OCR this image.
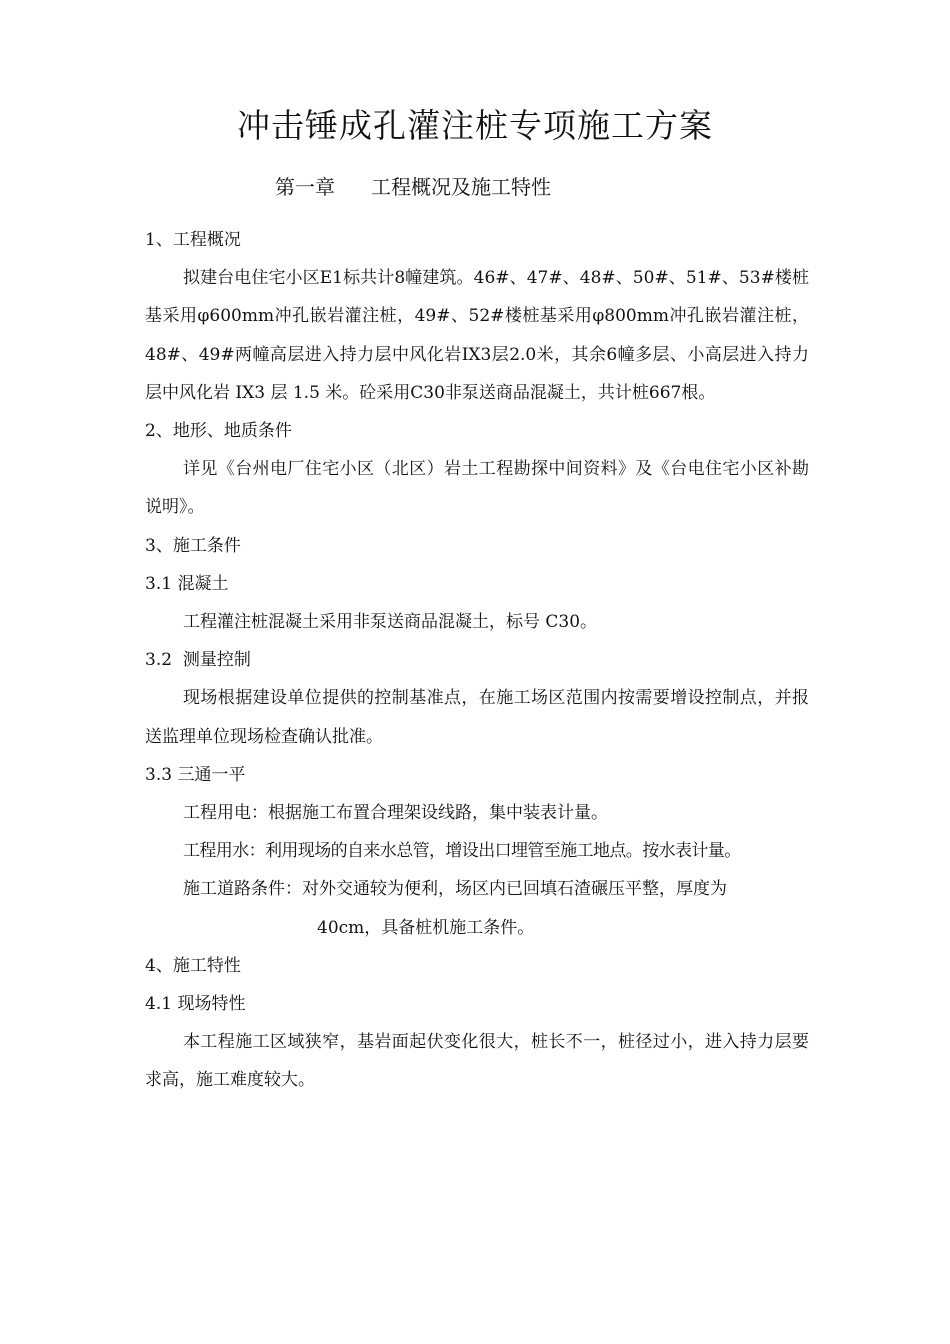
冲击锤成孔灌注桩专项施工方案
第一章 工程概况及施工特性

1、工程概况

拟建台电住宅小区E1标共计8幢建筑。46#、47#、48#、50#、51#、53#楼桩基采用φ600mm冲孔嵌岩灌注桩，49#、52#楼桩基采用φ800mm冲孔嵌岩灌注桩，48#、49#两幢高层进入持力层中风化岩IX3层2.0米，其余6幢多层、小高层进入持力层中风化岩 IX3 层 1.5 米。砼采用C30非泵送商品混凝土，共计桩667根。

2、地形、地质条件

详见《台州电厂住宅小区（北区）岩土工程勘探中间资料》及《台电住宅小区补勘说明》。

3、施工条件

3.1 混凝土

工程灌注桩混凝土采用非泵送商品混凝土，标号 C30。

3.2  测量控制

现场根据建设单位提供的控制基准点，在施工场区范围内按需要增设控制点，并报送监理单位现场检查确认批准。

3.3 三通一平

工程用电：根据施工布置合理架设线路，集中装表计量。

工程用水：利用现场的自来水总管，增设出口埋管至施工地点。按水表计量。

施工道路条件：对外交通较为便利，场区内已回填石渣碾压平整，厚度为

40cm，具备桩机施工条件。

4、施工特性

4.1 现场特性

本工程施工区域狭窄，基岩面起伏变化很大，桩长不一，桩径过小，进入持力层要求高，施工难度较大。
